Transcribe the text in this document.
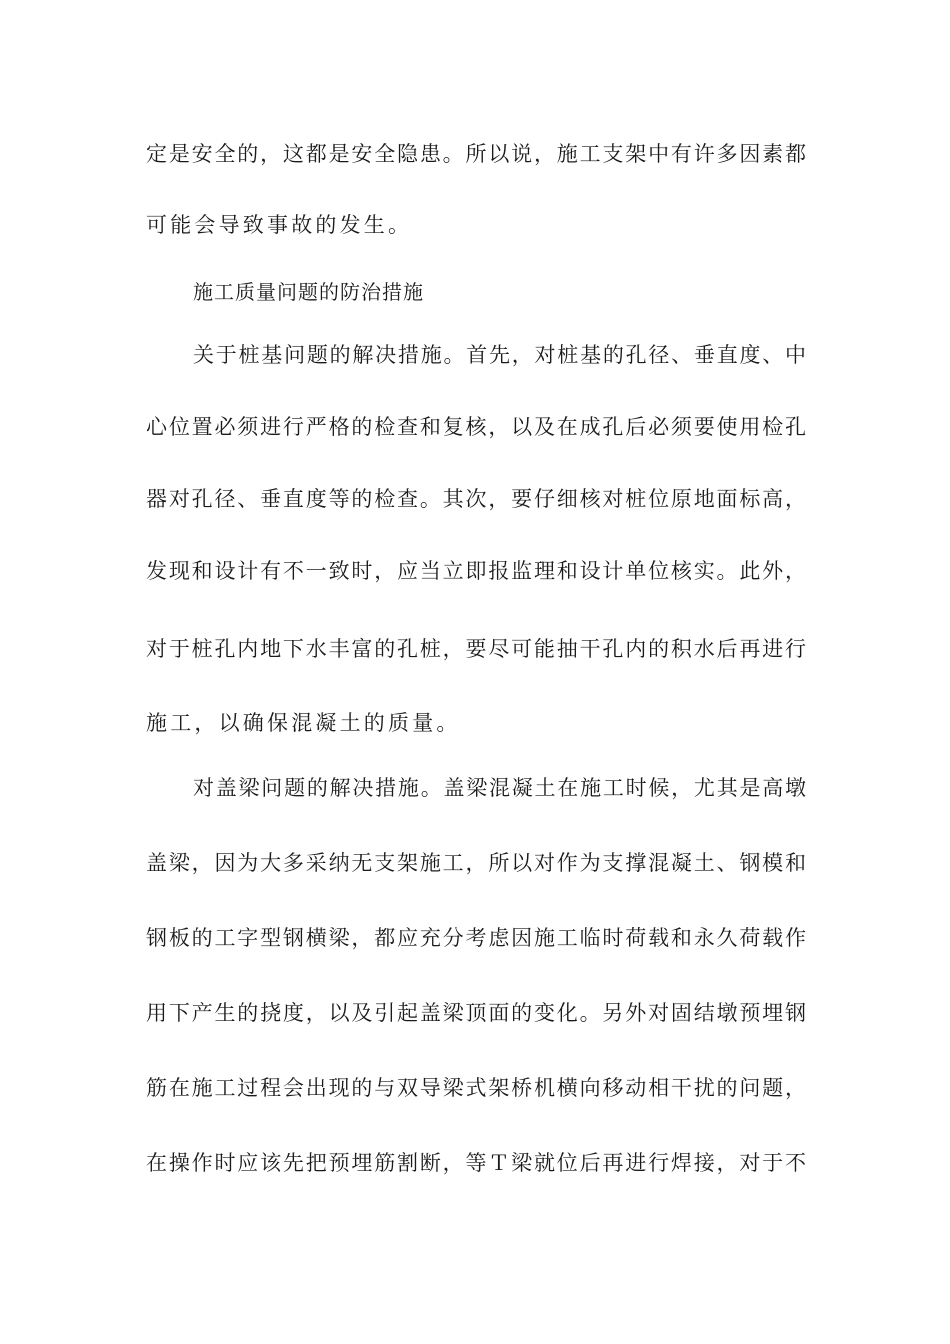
定是安全的，这都是安全隐患。所以说，施工支架中有许多因素都
可能会导致事故的发生。
施工质量问题的防治措施
关于桩基问题的解决措施。首先，对桩基的孔径、垂直度、中
心位置必须进行严格的检查和复核，以及在成孔后必须要使用检孔
器对孔径、垂直度等的检查。其次，要仔细核对桩位原地面标高，
发现和设计有不一致时，应当立即报监理和设计单位核实。此外，
对于桩孔内地下水丰富的孔桩，要尽可能抽干孔内的积水后再进行
施工，以确保混凝土的质量。
对盖梁问题的解决措施。盖梁混凝土在施工时候，尤其是高墩
盖梁，因为大多采纳无支架施工，所以对作为支撑混凝土、钢模和
钢板的工字型钢横梁，都应充分考虑因施工临时荷载和永久荷载作
用下产生的挠度，以及引起盖梁顶面的变化。另外对固结墩预埋钢
筋在施工过程会出现的与双导梁式架桥机横向移动相干扰的问题，
在操作时应该先把预埋筋割断，等Ｔ梁就位后再进行焊接，对于不
